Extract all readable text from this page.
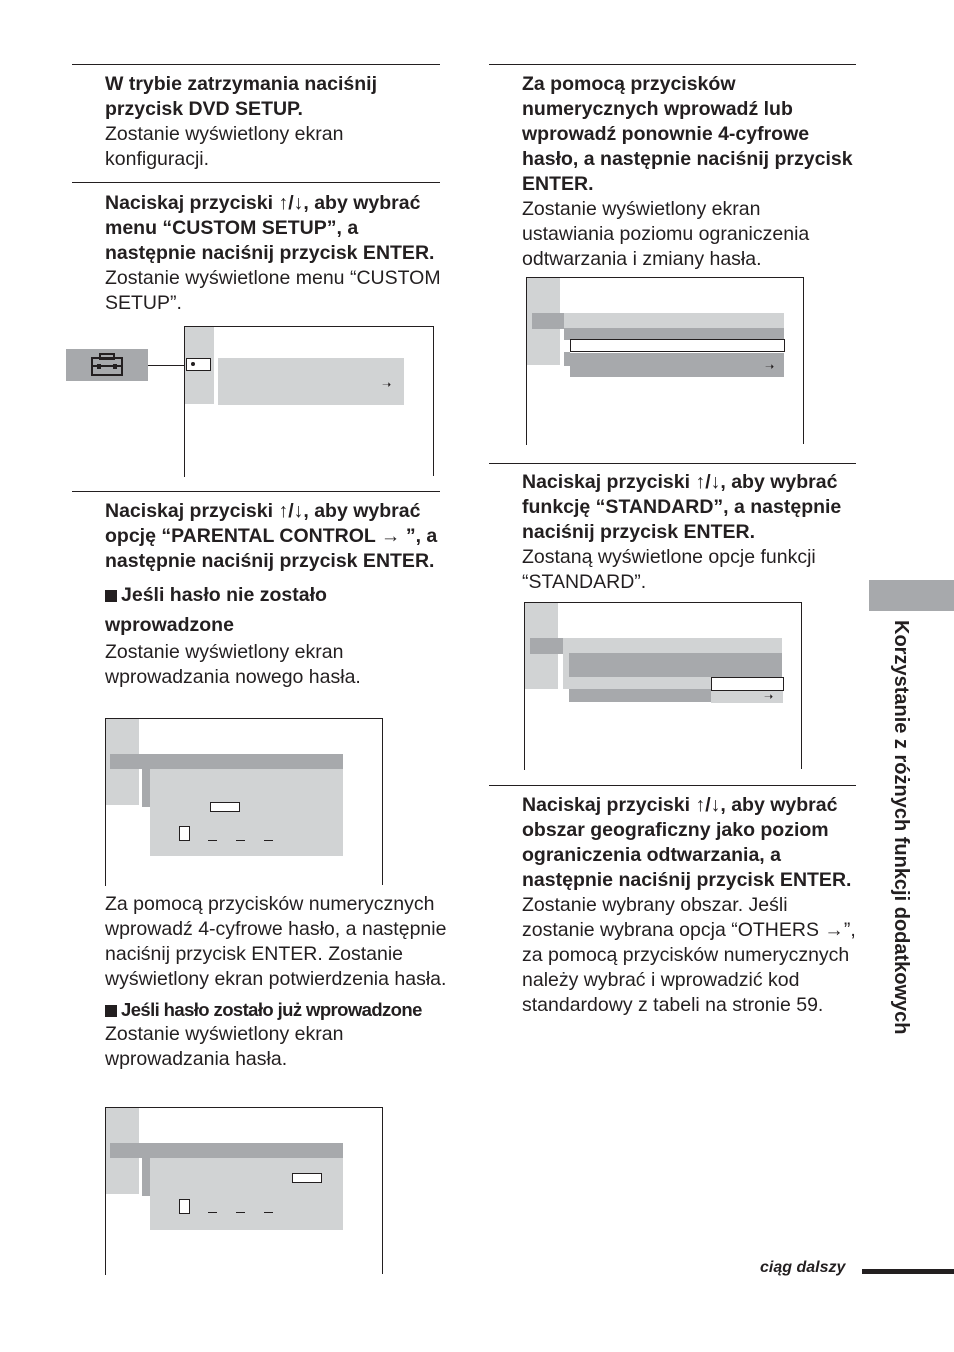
W trybie zatrzymania naciśnij przycisk DVD SETUP.

Zostanie wyświetlony ekran konfiguracji.

Naciskaj przyciski ↑/↓, aby wybrać menu “CUSTOM SETUP”, a następnie naciśnij przycisk ENTER.

Zostanie wyświetlone menu “CUSTOM SETUP”.

➝

Naciskaj przyciski ↑/↓, aby wybrać opcję “PARENTAL CONTROL → ”, a następnie naciśnij przycisk ENTER.

Jeśli hasło nie zostało wprowadzone

Zostanie wyświetlony ekran wprowadzania nowego hasła.

Za pomocą przycisków numerycznych wprowadź 4-cyfrowe hasło, a następnie naciśnij przycisk ENTER. Zostanie wyświetlony ekran potwierdzenia hasła.

Jeśli hasło zostało już wprowadzone

Zostanie wyświetlony ekran wprowadzania hasła.

Za pomocą przycisków numerycznych wprowadź lub wprowadź ponownie 4-cyfrowe hasło, a następnie naciśnij przycisk ENTER.

Zostanie wyświetlony ekran ustawiania poziomu ograniczenia odtwarzania i zmiany hasła.

➝

Naciskaj przyciski ↑/↓, aby wybrać funkcję “STANDARD”, a następnie naciśnij przycisk ENTER.

Zostaną wyświetlone opcje funkcji “STANDARD”.

➝

Naciskaj przyciski ↑/↓, aby wybrać obszar geograficzny jako poziom ograniczenia odtwarzania, a następnie naciśnij przycisk ENTER.

Zostanie wybrany obszar. Jeśli zostanie wybrana opcja “OTHERS →”, za pomocą przycisków numerycznych należy wybrać i wprowadzić kod standardowy z tabeli na stronie 59.	Korzystanie z różnych funkcji dodatkowych
ciąg dalszy
